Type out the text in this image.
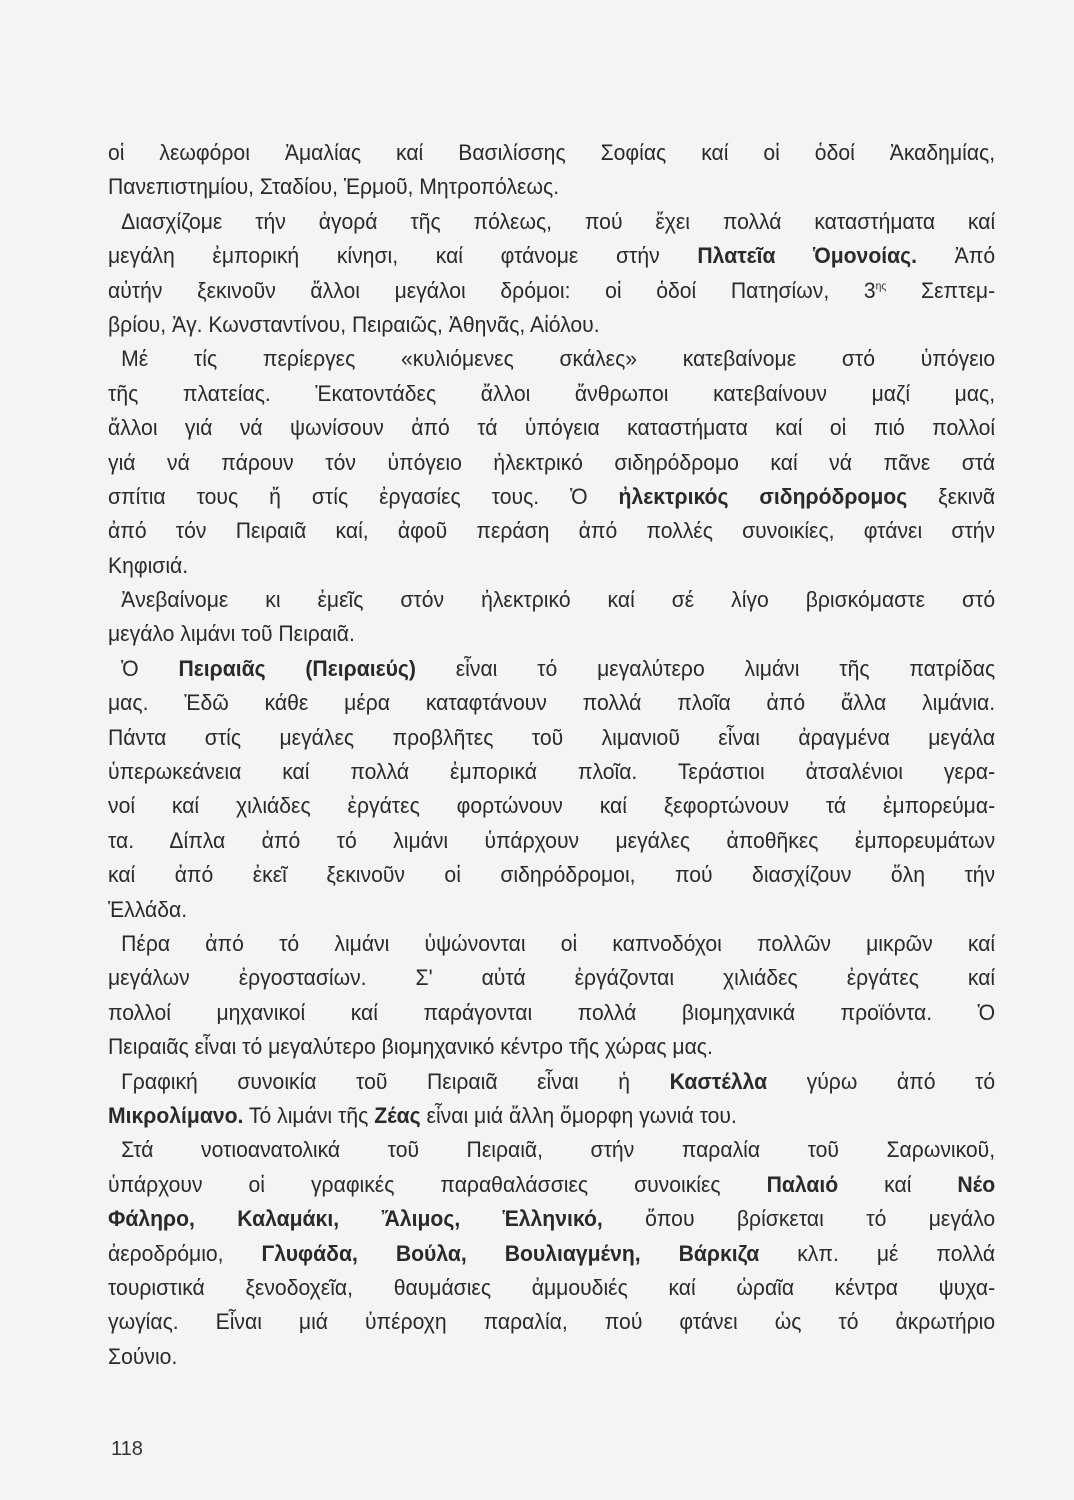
οἱ λεωφόροι Ἀμαλίας καί Βασιλίσσης Σοφίας καί οἱ ὁδοί Ἀκαδημίας,
Πανεπιστημίου, Σταδίου, Ἑρμοῦ, Μητροπόλεως.
Διασχίζομε τήν ἀγορά τῆς πόλεως, πού ἔχει πολλά καταστήματα καί
μεγάλη ἐμπορική κίνησι, καί φτάνομε στήν Πλατεῖα Ὁμονοίας. Ἀπό
αὐτήν ξεκινοῦν ἄλλοι μεγάλοι δρόμοι: οἱ ὁδοί Πατησίων, $3^{\eta\varsigma}$ Σεπτεμ-
βρίου, Ἁγ. Κωνσταντίνου, Πειραιῶς, Ἀθηνᾶς, Αἰόλου.
Μέ τίς περίεργες «κυλιόμενες σκάλες» κατεβαίνομε στό ὑπόγειο
τῆς πλατείας. Ἑκατοντάδες ἄλλοι ἄνθρωποι κατεβαίνουν μαζί μας,
ἄλλοι γιά νά ψωνίσουν ἀπό τά ὑπόγεια καταστήματα καί οἱ πιό πολλοί
γιά νά πάρουν τόν ὑπόγειο ἠλεκτρικό σιδηρόδρομο καί νά πᾶνε στά
σπίτια τους ἤ στίς ἐργασίες τους. Ὁ ἠλεκτρικός σιδηρόδρομος ξεκινᾶ
ἀπό τόν Πειραιᾶ καί, ἀφοῦ περάση ἀπό πολλές συνοικίες, φτάνει στήν
Κηφισιά.
Ἀνεβαίνομε κι ἐμεῖς στόν ἠλεκτρικό καί σέ λίγο βρισκόμαστε στό
μεγάλο λιμάνι τοῦ Πειραιᾶ.
Ὁ Πειραιᾶς (Πειραιεύς) εἶναι τό μεγαλύτερο λιμάνι τῆς πατρίδας
μας. Ἐδῶ κάθε μέρα καταφτάνουν πολλά πλοῖα ἀπό ἄλλα λιμάνια.
Πάντα στίς μεγάλες προβλῆτες τοῦ λιμανιοῦ εἶναι ἀραγμένα μεγάλα
ὑπερωκεάνεια καί πολλά ἐμπορικά πλοῖα. Τεράστιοι ἀτσαλένιοι γερα-
νοί καί χιλιάδες ἐργάτες φορτώνουν καί ξεφορτώνουν τά ἐμπορεύμα-
τα. Δίπλα ἀπό τό λιμάνι ὑπάρχουν μεγάλες ἀποθῆκες ἐμπορευμάτων
καί ἀπό ἐκεῖ ξεκινοῦν οἱ σιδηρόδρομοι, πού διασχίζουν ὅλη τήν
Ἑλλάδα.
Πέρα ἀπό τό λιμάνι ὑψώνονται οἱ καπνοδόχοι πολλῶν μικρῶν καί
μεγάλων ἐργοστασίων. Σ' αὐτά ἐργάζονται χιλιάδες ἐργάτες καί
πολλοί μηχανικοί καί παράγονται πολλά βιομηχανικά προϊόντα. Ὁ
Πειραιᾶς εἶναι τό μεγαλύτερο βιομηχανικό κέντρο τῆς χώρας μας.
Γραφική συνοικία τοῦ Πειραιᾶ εἶναι ἡ Καστέλλα γύρω ἀπό τό
Μικρολίμανο. Τό λιμάνι τῆς Ζέας εἶναι μιά ἄλλη ὄμορφη γωνιά του.
Στά νοτιοανατολικά τοῦ Πειραιᾶ, στήν παραλία τοῦ Σαρωνικοῦ,
ὑπάρχουν οἱ γραφικές παραθαλάσσιες συνοικίες Παλαιό καί Νέο
Φάληρο, Καλαμάκι, Ἄλιμος, Ἑλληνικό, ὅπου βρίσκεται τό μεγάλο
ἀεροδρόμιο, Γλυφάδα, Βούλα, Βουλιαγμένη, Βάρκιζα κλπ. μέ πολλά
τουριστικά ξενοδοχεῖα, θαυμάσιες ἀμμουδιές καί ὡραῖα κέντρα ψυχα-
γωγίας. Εἶναι μιά ὑπέροχη παραλία, πού φτάνει ὡς τό ἀκρωτήριο
Σούνιο.
118
